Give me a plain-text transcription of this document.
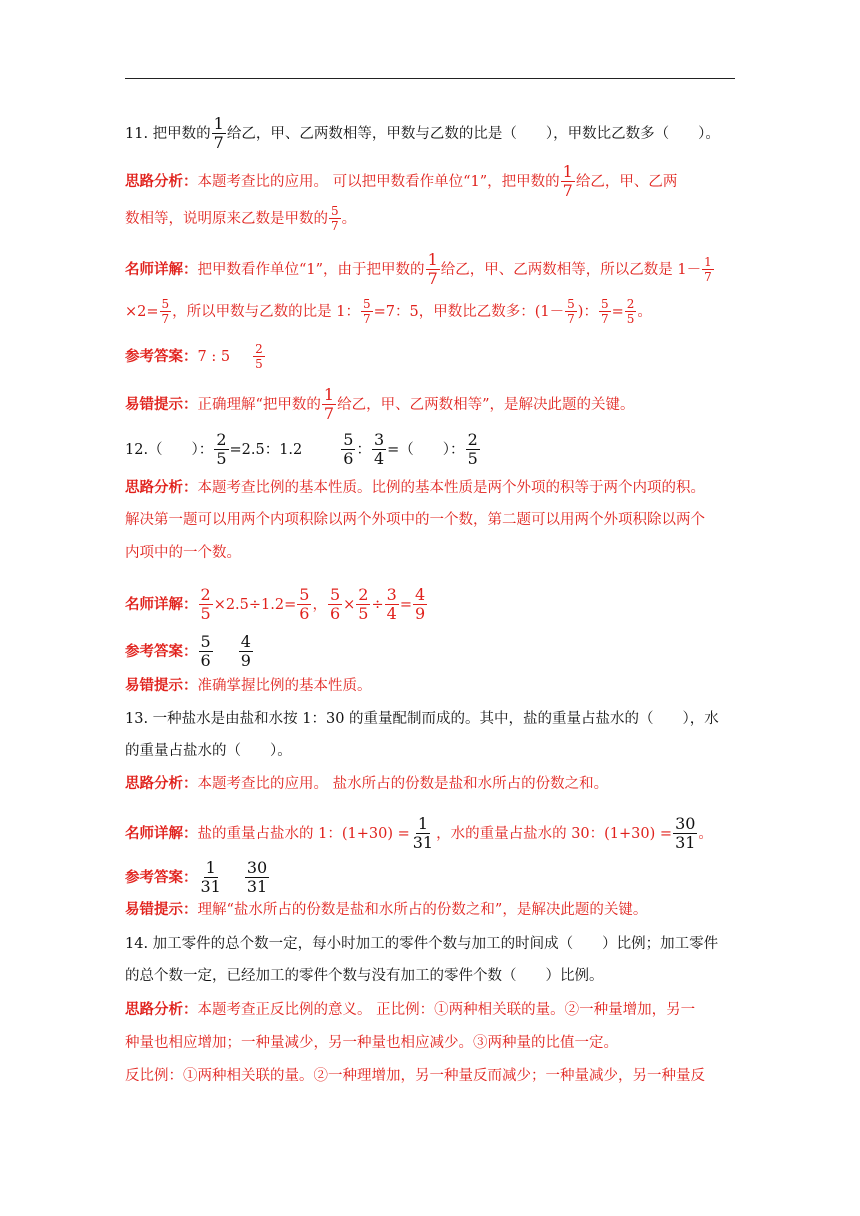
11. 把甲数的 $\frac{1}{7}$ 给乙，甲、乙两数相等，甲数与乙数的比是（　　），甲数比乙数多（　　）。
思路分析： 本题考查比的应用。 可以把甲数看作单位“1”，把甲数的 $\frac{1}{7}$ 给乙，甲、乙两
数相等，说明原来乙数是甲数的 $\frac{5}{7}$ 。
名师详解： 把甲数看作单位“1”，由于把甲数的 $\frac{1}{7}$ 给乙，甲、乙两数相等，所以乙数是 $1- \frac{1}{7}$
$\times 2= \frac{5}{7}$ ，所以甲数与乙数的比是 1： $\frac{5}{7} =7$：5，甲数比乙数多：($1- \frac{5}{7}$ )： $\frac{5}{7} = \frac{2}{5}$ 。
参考答案： 7 : $5 \frac{2}{5}$
易错提示： 正确理解“把甲数的 $\frac{1}{7}$ 给乙，甲、乙两数相等”，是解决此题的关键。
12.（　　）： $\frac{2}{5} =2.5$：$1.2 \frac{5}{6}$ ： $\frac{3}{4}$ =（　　）： $\frac{2}{5}$
思路分析： 本题考查比例的基本性质。比例的基本性质是两个外项的积等于两个内项的积。
解决第一题可以用两个内项积除以两个外项中的一个数，第二题可以用两个外项积除以两个
内项中的一个数。
名师详解： $\frac{2}{5} \times 2.5\div 1.2= \frac{5}{6}$ ， $\frac{5}{6} \times \frac{2}{5} \div \frac{3}{4} = \frac{4}{9}$
参考答案： $\frac{5}{6} \frac{4}{9}$
易错提示： 准确掌握比例的基本性质。
13. 一种盐水是由盐和水按 1：30 的重量配制而成的。其中，盐的重量占盐水的（　　），水
的重量占盐水的（　　）。
思路分析： 本题考查比的应用。 盐水所占的份数是盐和水所占的份数之和。
名师详解： 盐的重量占盐水的 1：$(1+30) = \frac{1}{31}$ ，水的重量占盐水的 30：$(1+30) = \frac{30}{31}$ 。
参考答案： $\frac{1}{31} \frac{30}{31}$
易错提示： 理解“盐水所占的份数是盐和水所占的份数之和”，是解决此题的关键。
14. 加工零件的总个数一定，每小时加工的零件个数与加工的时间成（　　）比例；加工零件
的总个数一定，已经加工的零件个数与没有加工的零件个数（　　）比例。
思路分析： 本题考查正反比例的意义。 正比例：①两种相关联的量。②一种量增加，另一
种量也相应增加；一种量减少，另一种量也相应减少。③两种量的比值一定。
反比例：①两种相关联的量。②一种理增加，另一种量反而减少；一种量减少，另一种量反
